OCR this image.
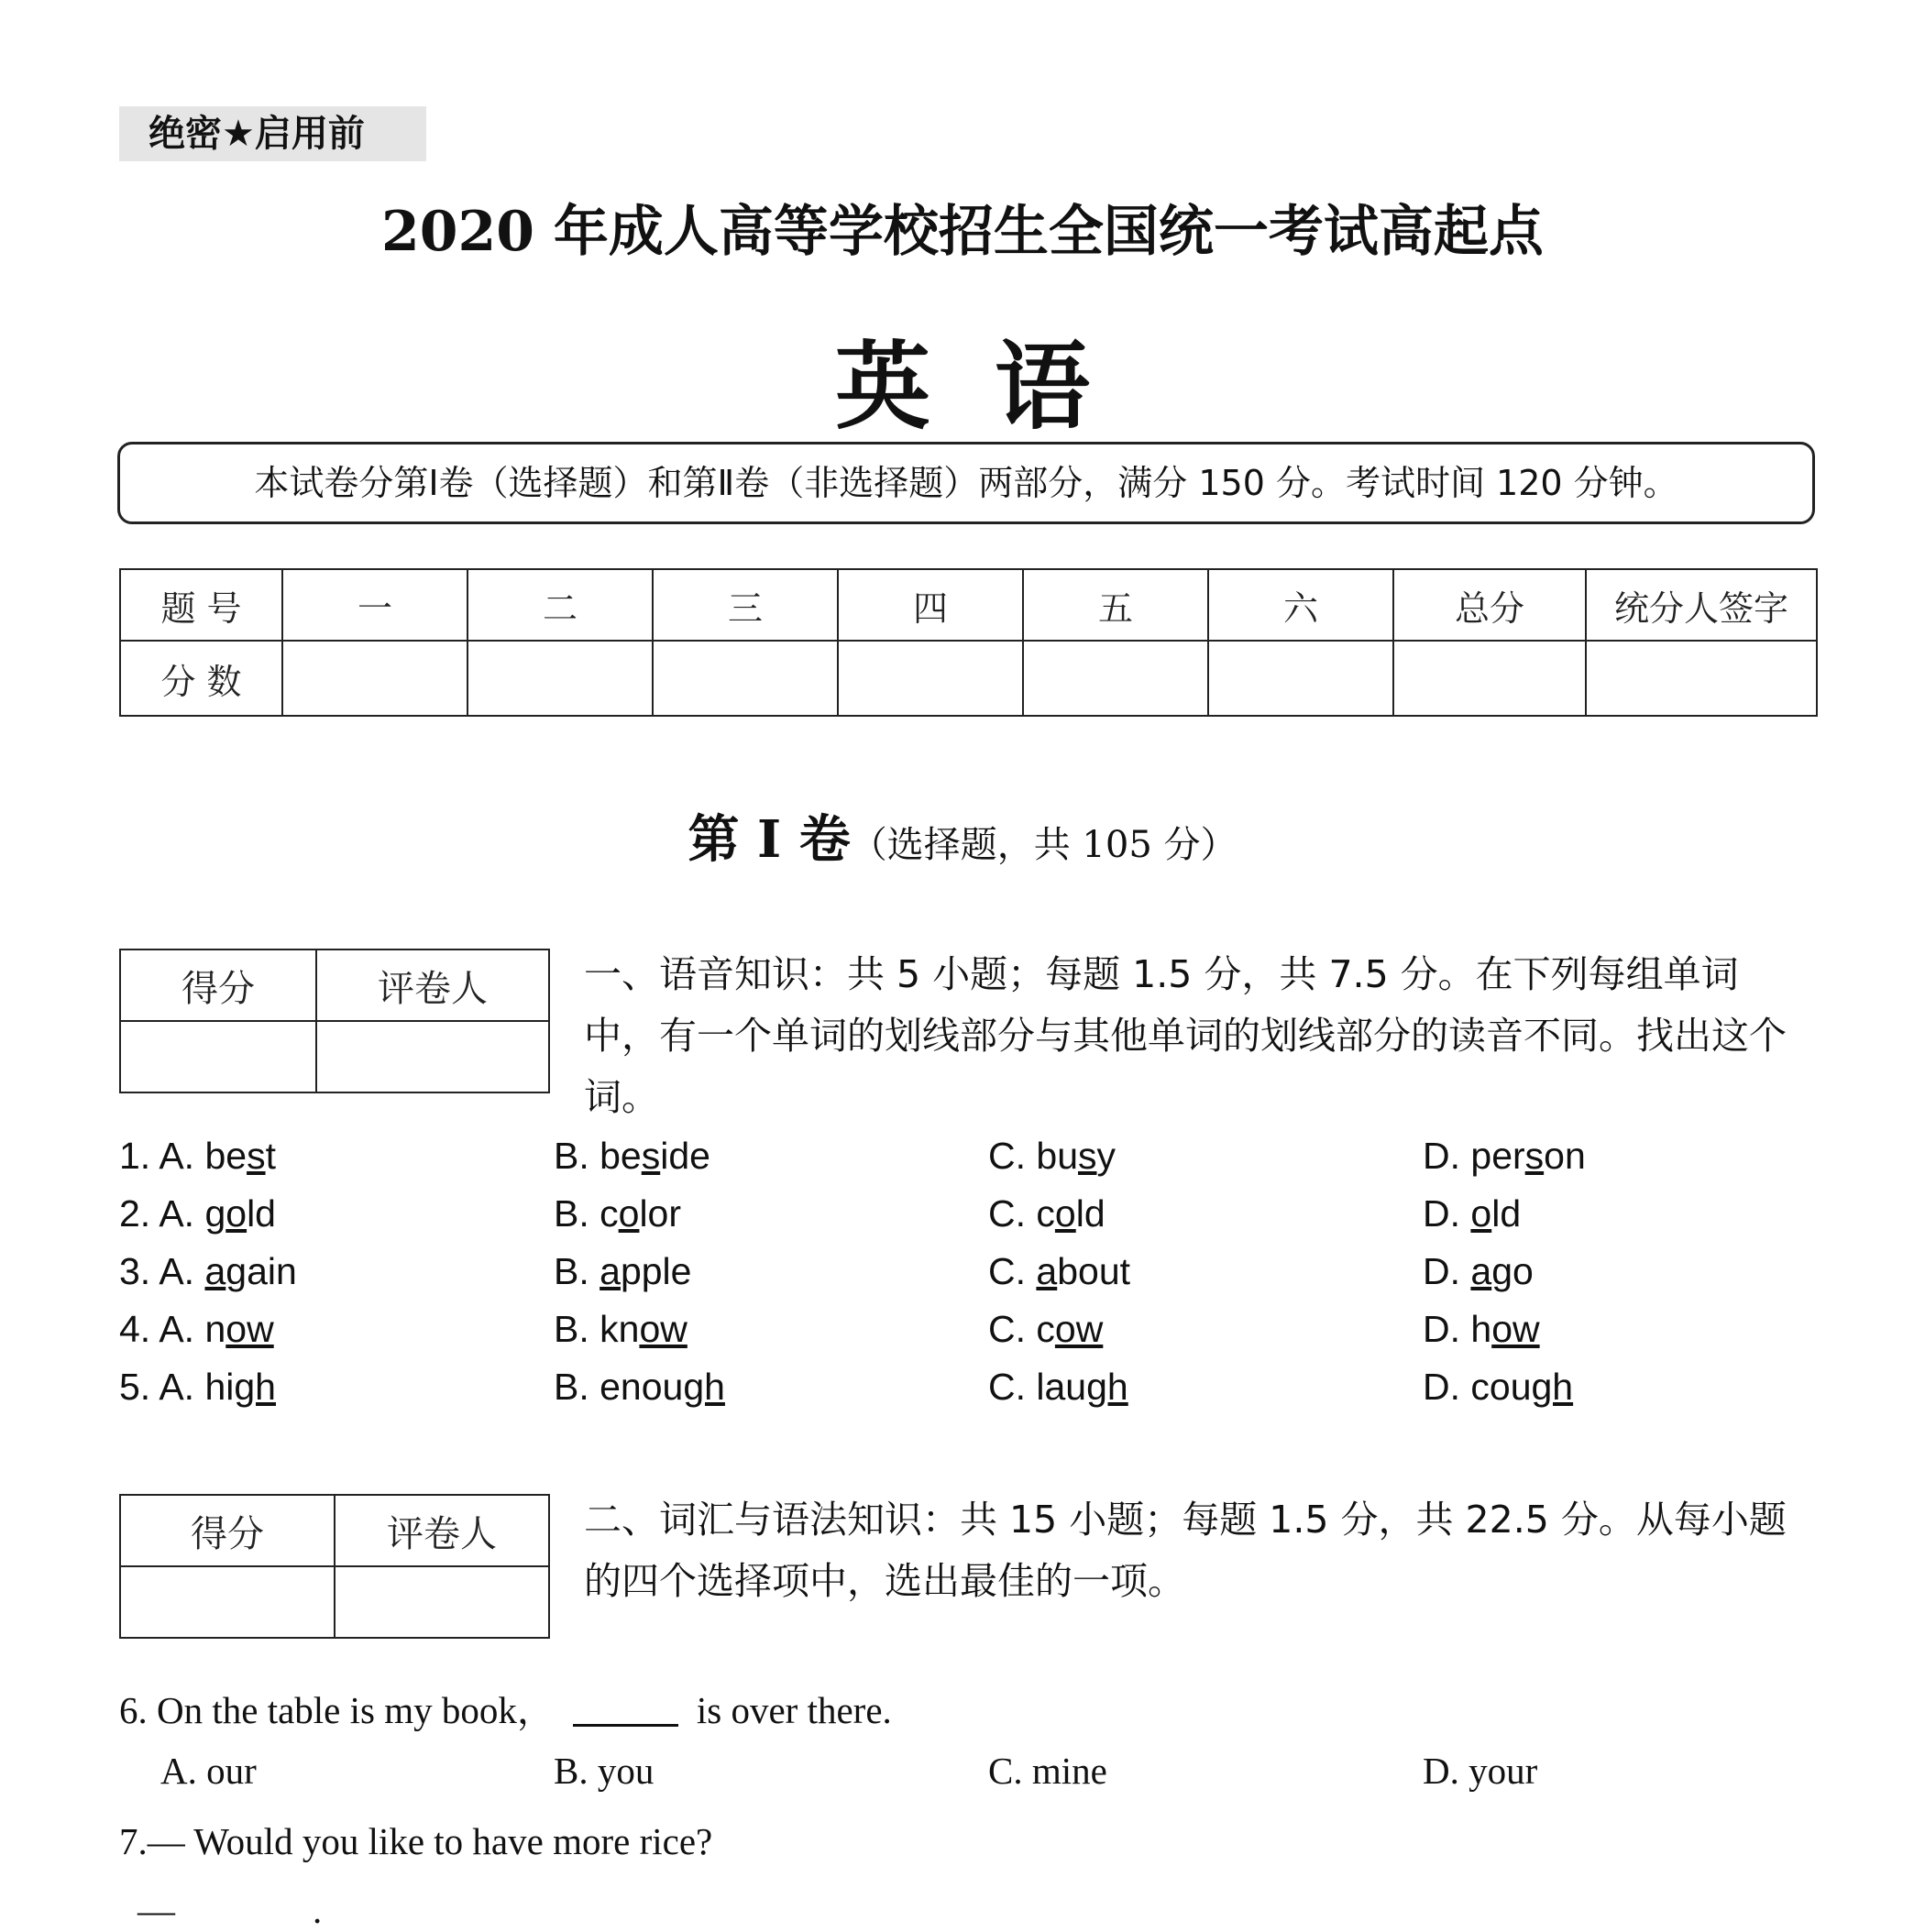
绝密★启用前
2020 年成人高等学校招生全国统一考试高起点
英语
本试卷分第Ⅰ卷（选择题）和第Ⅱ卷（非选择题）两部分，满分 150 分。考试时间 120 分钟。
题 号	一	二	三	四	五	六	总分	统分人签字
分 数								
第 I 卷（选择题，共 105 分）
得分	评卷人
		一、语音知识：共 5 小题；每题 1.5 分，共 7.5 分。在下列每组单词中，有一个单词的划线部分与其他单词的划线部分的读音不同。找出这个词。
1. A. best	B. beside	C. busy	D. person
2. A. gold	B. color	C. cold	D. old
3. A. again	B. apple	C. about	D. ago
4. A. now	B. know	C. cow	D. how
5. A. high	B. enough	C. laugh	D. cough
得分	评卷人
	二、词汇与语法知识：共 15 小题；每题 1.5 分，共 22.5 分。从每小题的四个选择项中，选出最佳的一项。
6. On the table is my book，	is over there.
A. our	B. you	C. mine	D. your
7.— Would you like to have more rice?
—	.
